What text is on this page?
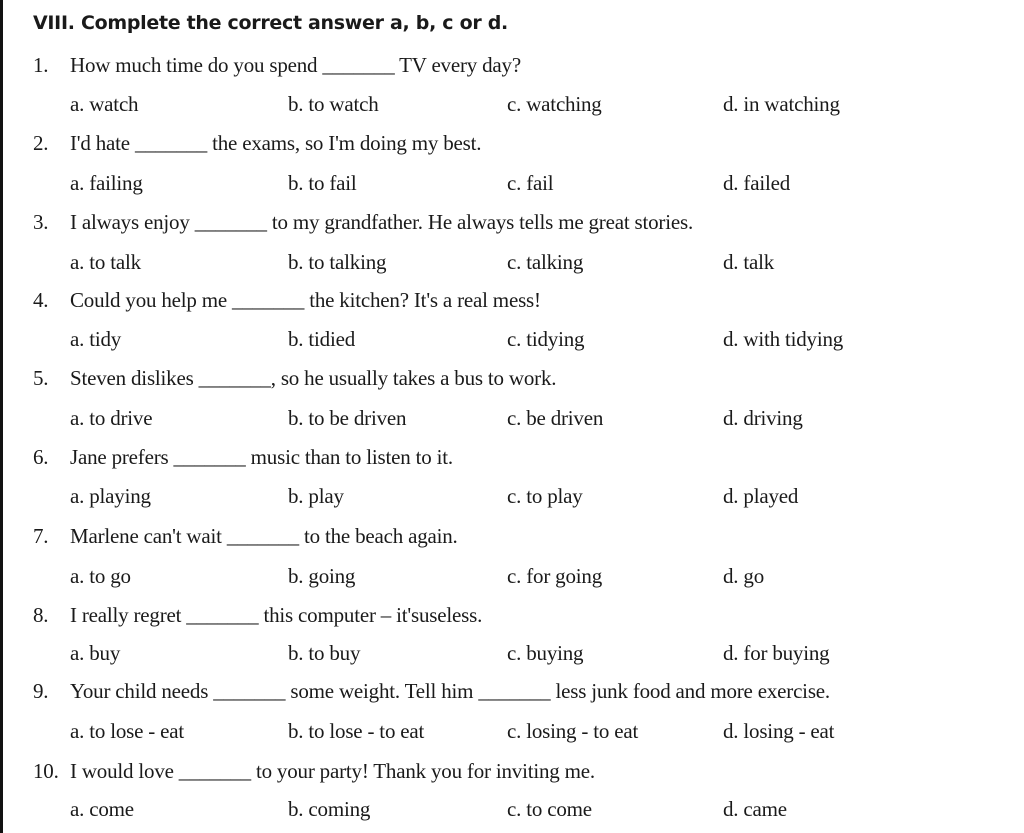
VIII. Complete the correct answer a, b, c or d.
1. How much time do you spend _______ TV every day?
a. watch	b. to watch	c. watching	d. in watching
2. I'd hate _______ the exams, so I'm doing my best.
a. failing	b. to fail	c. fail	d. failed
3. I always enjoy _______ to my grandfather. He always tells me great stories.
a. to talk	b. to talking	c. talking	d. talk
4. Could you help me _______ the kitchen? It's a real mess!
a. tidy	b. tidied	c. tidying	d. with tidying
5. Steven dislikes _______, so he usually takes a bus to work.
a. to drive	b. to be driven	c. be driven	d. driving
6. Jane prefers _______ music than to listen to it.
a. playing	b. play	c. to play	d. played
7. Marlene can't wait _______ to the beach again.
a. to go	b. going	c. for going	d. go
8. I really regret _______ this computer – it'suseless.
a. buy	b. to buy	c. buying	d. for buying
9. Your child needs _______ some weight. Tell him _______ less junk food and more exercise.
a. to lose - eat	b. to lose - to eat	c. losing - to eat	d. losing - eat
10. I would love _______ to your party! Thank you for inviting me.
a. come	b. coming	c. to come	d. came
